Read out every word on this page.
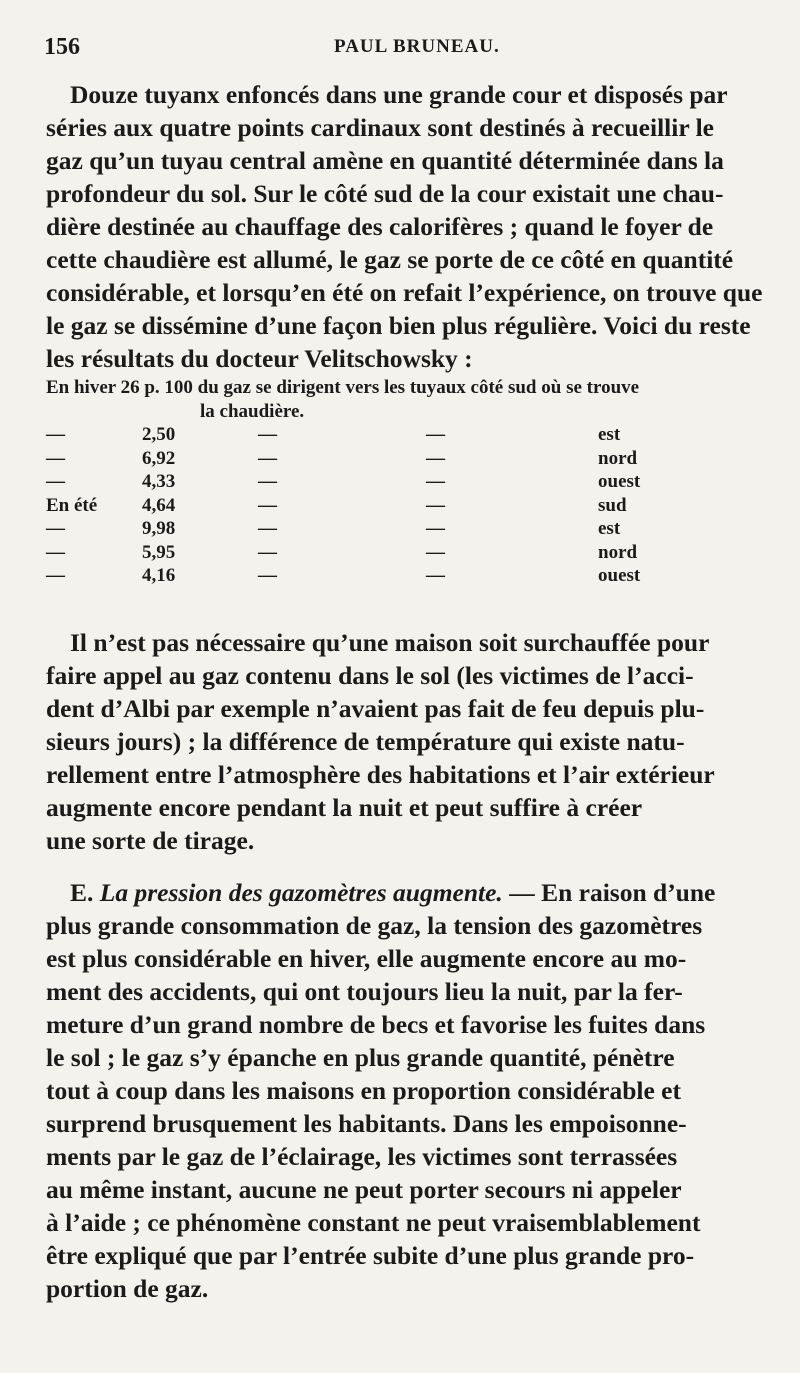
156	PAUL BRUNEAU.
Douze tuyanx enfoncés dans une grande cour et disposés par
séries aux quatre points cardinaux sont destinés à recueillir le
gaz qu’un tuyau central amène en quantité déterminée dans la
profondeur du sol. Sur le côté sud de la cour existait une chau-
dière destinée au chauffage des calorifères ; quand le foyer de
cette chaudière est allumé, le gaz se porte de ce côté en quantité
considérable, et lorsqu’en été on refait l’expérience, on trouve que
le gaz se dissémine d’une façon bien plus régulière. Voici du reste
les résultats du docteur Velitschowsky :
En hiver 26 p. 100 du gaz se dirigent vers les tuyaux côté sud où se trouve
la chaudière.
—	2,50	—	—	est
—	6,92	—	—	nord
—	4,33	—	—	ouest
En été 4,64	—	—	sud
—	9,98	—	—	est
—	5,95	—	—	nord
—	4,16	—	—	ouest
Il n’est pas nécessaire qu’une maison soit surchauffée pour
faire appel au gaz contenu dans le sol (les victimes de l’acci-
dent d’Albi par exemple n’avaient pas fait de feu depuis plu-
sieurs jours) ; la différence de température qui existe natu-
rellement entre l’atmosphère des habitations et l’air extérieur
augmente encore pendant la nuit et peut suffire à créer
une sorte de tirage.
E. La pression des gazomètres augmente. — En raison d’une
plus grande consommation de gaz, la tension des gazomètres
est plus considérable en hiver, elle augmente encore au mo-
ment des accidents, qui ont toujours lieu la nuit, par la fer-
meture d’un grand nombre de becs et favorise les fuites dans
le sol ; le gaz s’y épanche en plus grande quantité, pénètre
tout à coup dans les maisons en proportion considérable et
surprend brusquement les habitants. Dans les empoisonne-
ments par le gaz de l’éclairage, les victimes sont terrassées
au même instant, aucune ne peut porter secours ni appeler
à l’aide ; ce phénomène constant ne peut vraisemblablement
être expliqué que par l’entrée subite d’une plus grande pro-
portion de gaz.
